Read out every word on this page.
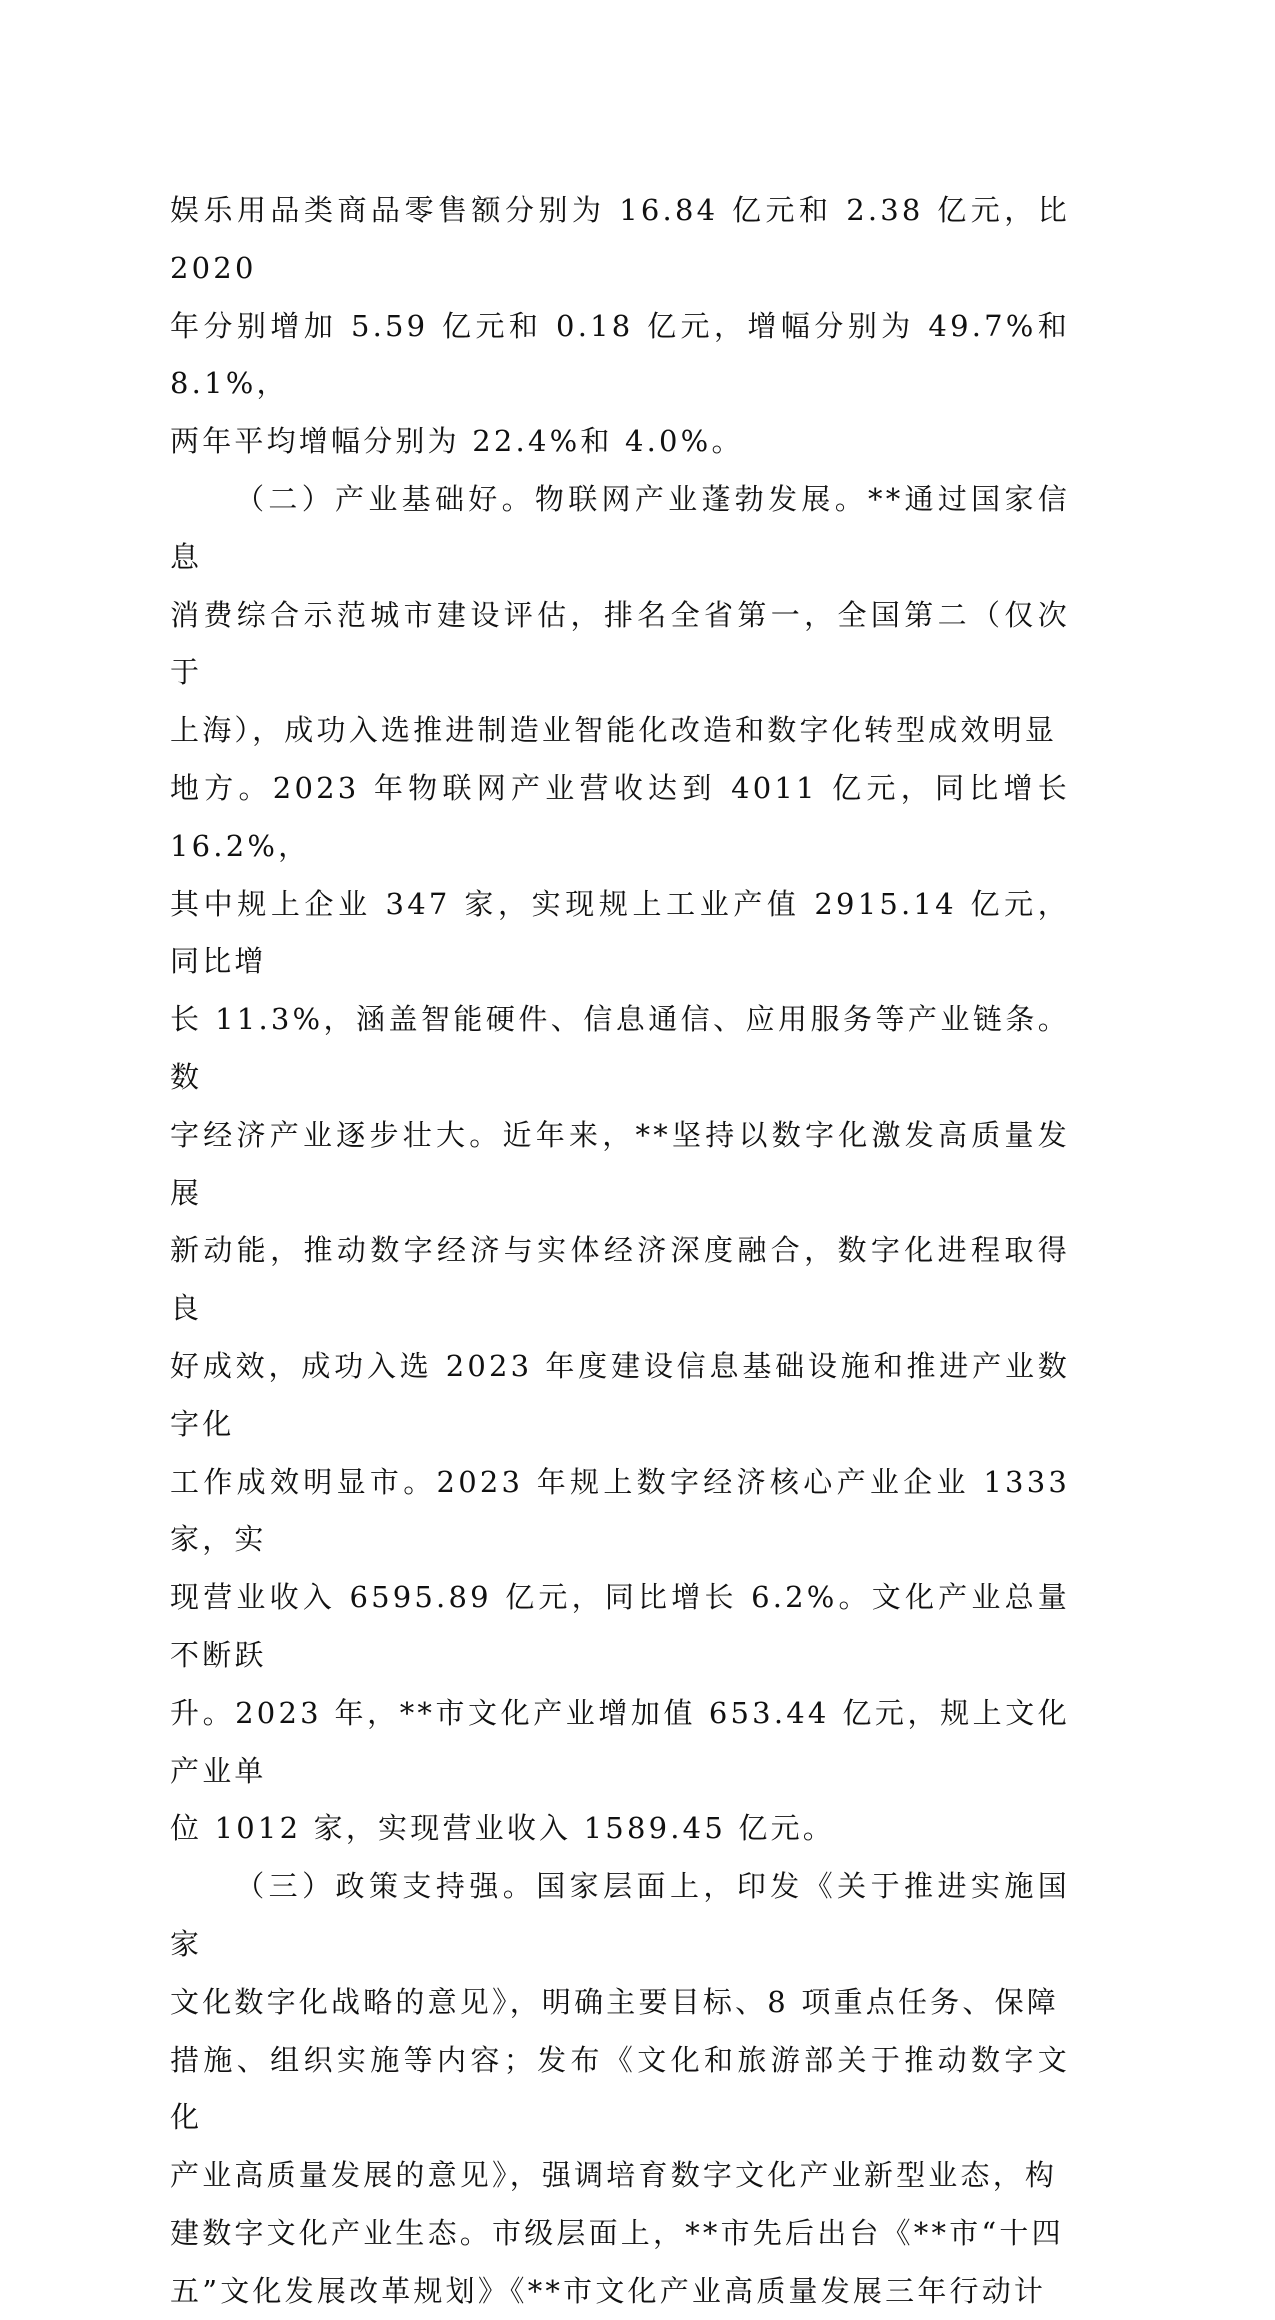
娱乐用品类商品零售额分别为 16.84 亿元和 2.38 亿元，比 2020
年分别增加 5.59 亿元和 0.18 亿元，增幅分别为 49.7%和 8.1%，
两年平均增幅分别为 22.4%和 4.0%。

（二）产业基础好。物联网产业蓬勃发展。**通过国家信息
消费综合示范城市建设评估，排名全省第一，全国第二（仅次于
上海），成功入选推进制造业智能化改造和数字化转型成效明显
地方。2023 年物联网产业营收达到 4011 亿元，同比增长 16.2%，
其中规上企业 347 家，实现规上工业产值 2915.14 亿元，同比增
长 11.3%，涵盖智能硬件、信息通信、应用服务等产业链条。数
字经济产业逐步壮大。近年来，**坚持以数字化激发高质量发展
新动能，推动数字经济与实体经济深度融合，数字化进程取得良
好成效，成功入选 2023 年度建设信息基础设施和推进产业数字化
工作成效明显市。2023 年规上数字经济核心产业企业 1333 家，实
现营业收入 6595.89 亿元，同比增长 6.2%。文化产业总量不断跃
升。2023 年，**市文化产业增加值 653.44 亿元，规上文化产业单
位 1012 家，实现营业收入 1589.45 亿元。

（三）政策支持强。国家层面上，印发《关于推进实施国家
文化数字化战略的意见》，明确主要目标、8 项重点任务、保障
措施、组织实施等内容；发布《文化和旅游部关于推动数字文化
产业高质量发展的意见》，强调培育数字文化产业新型业态，构
建数字文化产业生态。市级层面上，**市先后出台《**市“十四
五”文化发展改革规划》《**市文化产业高质量发展三年行动计
